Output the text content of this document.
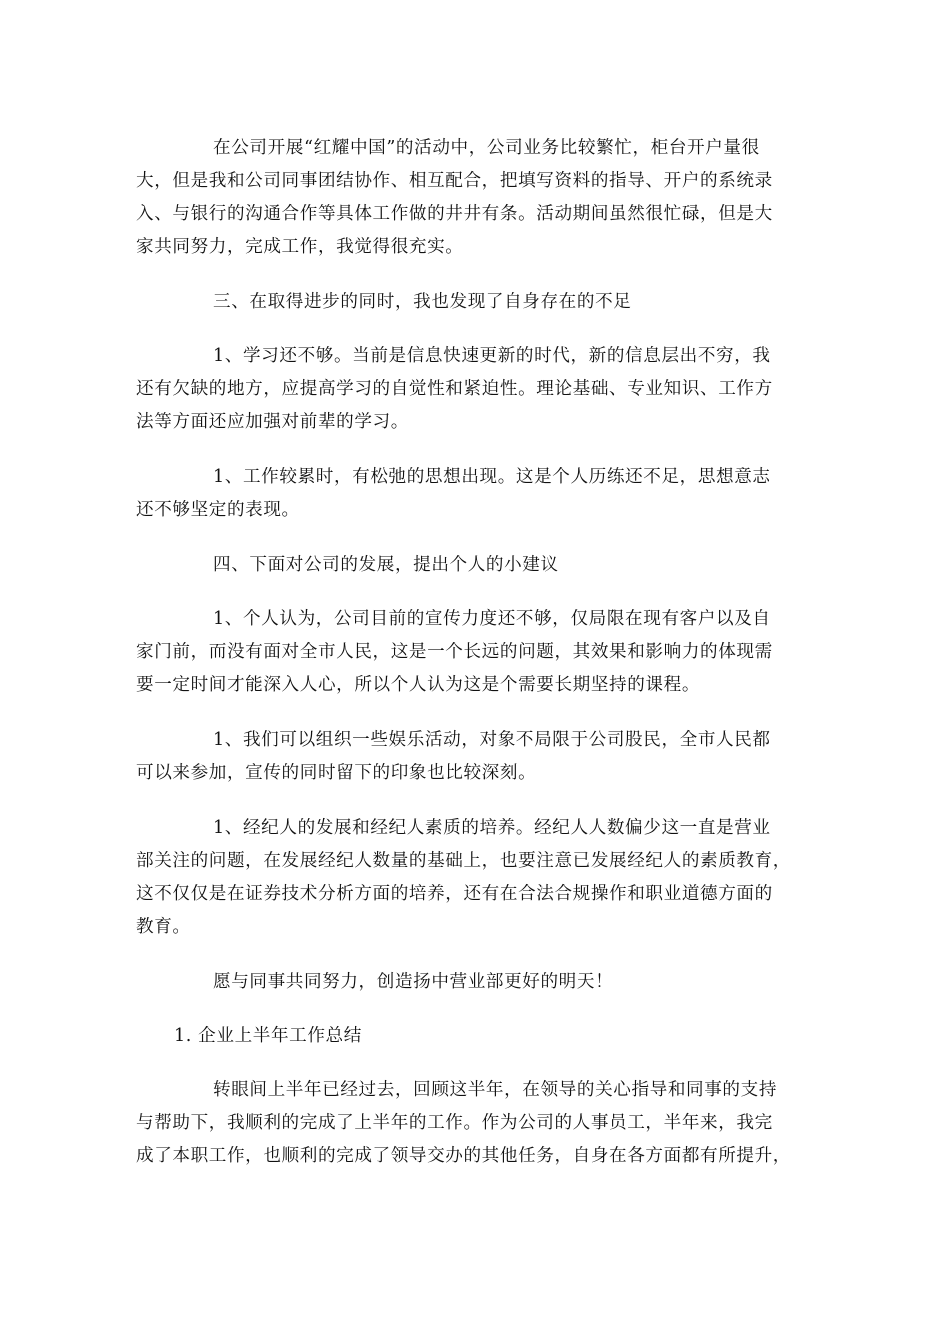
在公司开展“红耀中国”的活动中，公司业务比较繁忙，柜台开户量很
大，但是我和公司同事团结协作、相互配合，把填写资料的指导、开户的系统录
入、与银行的沟通合作等具体工作做的井井有条。活动期间虽然很忙碌，但是大
家共同努力，完成工作，我觉得很充实。
三、在取得进步的同时，我也发现了自身存在的不足
1、学习还不够。当前是信息快速更新的时代，新的信息层出不穷，我
还有欠缺的地方，应提高学习的自觉性和紧迫性。理论基础、专业知识、工作方
法等方面还应加强对前辈的学习。
1、工作较累时，有松弛的思想出现。这是个人历练还不足，思想意志
还不够坚定的表现。
四、下面对公司的发展，提出个人的小建议
1、个人认为，公司目前的宣传力度还不够，仅局限在现有客户以及自
家门前，而没有面对全市人民，这是一个长远的问题，其效果和影响力的体现需
要一定时间才能深入人心，所以个人认为这是个需要长期坚持的课程。
1、我们可以组织一些娱乐活动，对象不局限于公司股民，全市人民都
可以来参加，宣传的同时留下的印象也比较深刻。
1、经纪人的发展和经纪人素质的培养。经纪人人数偏少这一直是营业
部关注的问题，在发展经纪人数量的基础上，也要注意已发展经纪人的素质教育，
这不仅仅是在证券技术分析方面的培养，还有在合法合规操作和职业道德方面的
教育。
愿与同事共同努力，创造扬中营业部更好的明天！
1. 企业上半年工作总结
转眼间上半年已经过去，回顾这半年，在领导的关心指导和同事的支持
与帮助下，我顺利的完成了上半年的工作。作为公司的人事员工，半年来，我完
成了本职工作，也顺利的完成了领导交办的其他任务，自身在各方面都有所提升，
